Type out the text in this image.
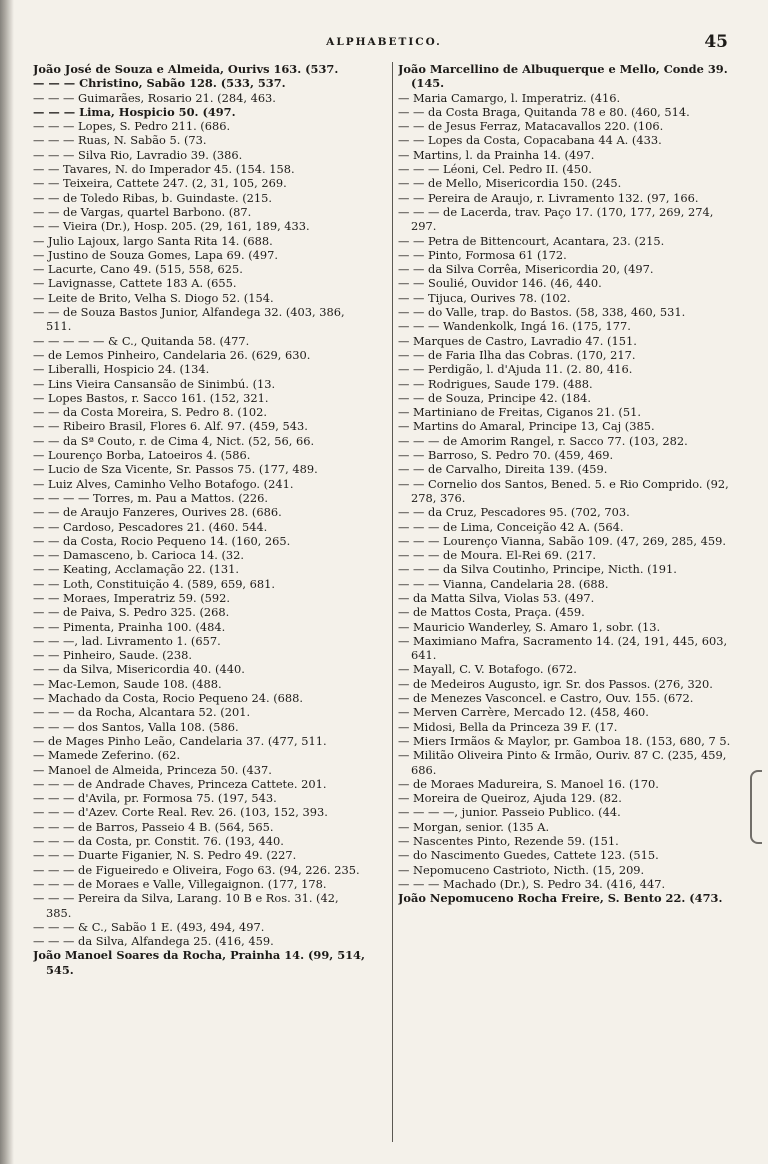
ALPHABETICO.	45
João José de Souza e Almeida, Ourivs 163. (537.
— — — Christino, Sabão 128. (533, 537.
— — — Guimarães, Rosario 21. (284, 463.
— — — Lima, Hospicio 50. (497.
— — — Lopes, S. Pedro 211. (686.
— — — Ruas, N. Sabão 5. (73.
— — — Silva Rio, Lavradio 39. (386.
— — Tavares, N. do Imperador 45. (154. 158.
— — Teixeira, Cattete 247. (2, 31, 105, 269.
— — de Toledo Ribas, b. Guindaste. (215.
— — de Vargas, quartel Barbono. (87.
— — Vieira (Dr.), Hosp. 205. (29, 161, 189, 433.
— Julio Lajoux, largo Santa Rita 14. (688.
— Justino de Souza Gomes, Lapa 69. (497.
— Lacurte, Cano 49. (515, 558, 625.
— Lavignasse, Cattete 183 A. (655.
— Leite de Brito, Velha S. Diogo 52. (154.
— — de Souza Bastos Junior, Alfandega 32. (403, 386, 511.
— — — — — & C., Quitanda 58. (477.
— de Lemos Pinheiro, Candelaria 26. (629, 630.
— Liberalli, Hospicio 24. (134.
— Lins Vieira Cansansão de Sinimbú. (13.
— Lopes Bastos, r. Sacco 161. (152, 321.
— — da Costa Moreira, S. Pedro 8. (102.
— — Ribeiro Brasil, Flores 6. Alf. 97. (459, 543.
— — da Sª Couto, r. de Cima 4, Nict. (52, 56, 66.
— Lourenço Borba, Latoeiros 4. (586.
— Lucio de Sza Vicente, Sr. Passos 75. (177, 489.
— Luiz Alves, Caminho Velho Botafogo. (241.
— — — — Torres, m. Pau a Mattos. (226.
— — de Araujo Fanzeres, Ourives 28. (686.
— — Cardoso, Pescadores 21. (460. 544.
— — da Costa, Rocio Pequeno 14. (160, 265.
— — Damasceno, b. Carioca 14. (32.
— — Keating, Acclamação 22. (131.
— — Loth, Constituição 4. (589, 659, 681.
— — Moraes, Imperatriz 59. (592.
— — de Paiva, S. Pedro 325. (268.
— — Pimenta, Prainha 100. (484.
— — —, lad. Livramento 1. (657.
— — Pinheiro, Saude. (238.
— — da Silva, Misericordia 40. (440.
— Mac-Lemon, Saude 108. (488.
— Machado da Costa, Rocio Pequeno 24. (688.
— — — da Rocha, Alcantara 52. (201.
— — — dos Santos, Valla 108. (586.
— de Mages Pinho Leão, Candelaria 37. (477, 511.
— Mamede Zeferino. (62.
— Manoel de Almeida, Princeza 50. (437.
— — — de Andrade Chaves, Princeza Cattete. 201.
— — — d'Avila, pr. Formosa 75. (197, 543.
— — — d'Azev. Corte Real. Rev. 26. (103, 152, 393.
— — — de Barros, Passeio 4 B. (564, 565.
— — — da Costa, pr. Constit. 76. (193, 440.
— — — Duarte Figanier, N. S. Pedro 49. (227.
— — — de Figueiredo e Oliveira, Fogo 63. (94, 226. 235.
— — — de Moraes e Valle, Villegaignon. (177, 178.
— — — Pereira da Silva, Larang. 10 B e Ros. 31. (42, 385.
— — — & C., Sabão 1 E. (493, 494, 497.
— — — da Silva, Alfandega 25. (416, 459.
João Manoel Soares da Rocha, Prainha 14. (99, 514, 545.
João Marcellino de Albuquerque e Mello, Conde 39. (145.
— Maria Camargo, l. Imperatriz. (416.
— — da Costa Braga, Quitanda 78 e 80. (460, 514.
— — de Jesus Ferraz, Matacavallos 220. (106.
— — Lopes da Costa, Copacabana 44 A. (433.
— Martins, l. da Prainha 14. (497.
— — — Léoni, Cel. Pedro II. (450.
— — de Mello, Misericordia 150. (245.
— — Pereira de Araujo, r. Livramento 132. (97, 166.
— — — de Lacerda, trav. Paço 17. (170, 177, 269, 274, 297.
— — Petra de Bittencourt, Acantara, 23. (215.
— — Pinto, Formosa 61 (172.
— — da Silva Corrêa, Misericordia 20, (497.
— — Soulié, Ouvidor 146. (46, 440.
— — Tijuca, Ourives 78. (102.
— — do Valle, trap. do Bastos. (58, 338, 460, 531.
— — — Wandenkolk, Ingá 16. (175, 177.
— Marques de Castro, Lavradio 47. (151.
— — de Faria Ilha das Cobras. (170, 217.
— — Perdigão, l. d'Ajuda 11. (2. 80, 416.
— — Rodrigues, Saude 179. (488.
— — de Souza, Principe 42. (184.
— Martiniano de Freitas, Ciganos 21. (51.
— Martins do Amaral, Principe 13, Caj (385.
— — — de Amorim Rangel, r. Sacco 77. (103, 282.
— — Barroso, S. Pedro 70. (459, 469.
— — de Carvalho, Direita 139. (459.
— — Cornelio dos Santos, Bened. 5. e Rio Comprido. (92, 278, 376.
— — da Cruz, Pescadores 95. (702, 703.
— — — de Lima, Conceição 42 A. (564.
— — — Lourenço Vianna, Sabão 109. (47, 269, 285, 459.
— — — de Moura. El-Rei 69. (217.
— — — da Silva Coutinho, Principe, Nicth. (191.
— — — Vianna, Candelaria 28. (688.
— da Matta Silva, Violas 53. (497.
— de Mattos Costa, Praça. (459.
— Mauricio Wanderley, S. Amaro 1, sobr. (13.
— Maximiano Mafra, Sacramento 14. (24, 191, 445, 603, 641.
— Mayall, C. V. Botafogo. (672.
— de Medeiros Augusto, igr. Sr. dos Passos. (276, 320.
— de Menezes Vasconcel. e Castro, Ouv. 155. (672.
— Merven Carrère, Mercado 12. (458, 460.
— Midosi, Bella da Princeza 39 F. (17.
— Miers Irmãos & Maylor, pr. Gamboa 18. (153, 680, 7 5.
— Militão Oliveira Pinto & Irmão, Ouriv. 87 C. (235, 459, 686.
— de Moraes Madureira, S. Manoel 16. (170.
— Moreira de Queiroz, Ajuda 129. (82.
— — — —, junior. Passeio Publico. (44.
— Morgan, senior. (135 A.
— Nascentes Pinto, Rezende 59. (151.
— do Nascimento Guedes, Cattete 123. (515.
— Nepomuceno Castrioto, Nicth. (15, 209.
— — — Machado (Dr.), S. Pedro 34. (416, 447.
João Nepomuceno Rocha Freire, S. Bento 22. (473.
